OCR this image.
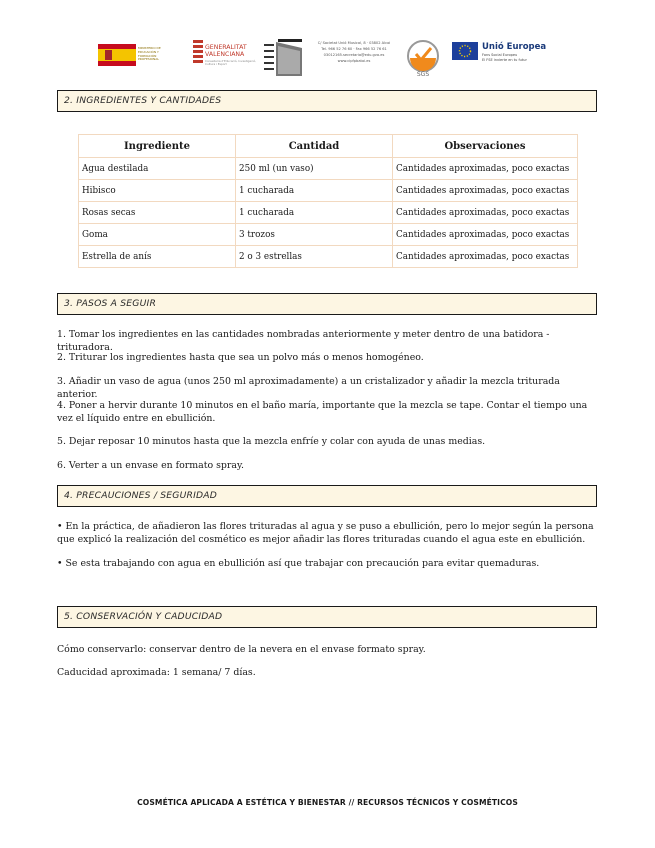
MINISTERIO DE EDUCACIÓN Y FORMACIÓN PROFESIONAL
GENERALITAT
VALENCIANA
Conselleria d'Educació, Investigació, Cultura i Esport
C/ Societat Unió Musical, 8 · 03802 Alcoi
Tel. 966 52 76 60 · Fax 966 52 76 61
03012165.secretaria@edu.gva.es
www.cipfpbatoi.es
SGS
Unió Europea
Fons Social Europeu
El FSE invierte en tu futur
2. INGREDIENTES Y CANTIDADES
Ingrediente	Cantidad	Observaciones
Agua destilada	250 ml (un vaso)	Cantidades aproximadas, poco exactas
Hibisco	1 cucharada	Cantidades aproximadas, poco exactas
Rosas secas	1 cucharada	Cantidades aproximadas, poco exactas
Goma	3 trozos	Cantidades aproximadas, poco exactas
Estrella de anís	2 o 3 estrellas	Cantidades aproximadas, poco exactas
3. PASOS A SEGUIR
1. Tomar los ingredientes en las cantidades nombradas anteriormente y meter dentro de una batidora - trituradora.
2. Triturar los ingredientes hasta que sea un polvo más o menos homogéneo.
3. Añadir un vaso de agua (unos 250 ml aproximadamente) a un cristalizador y añadir la mezcla triturada anterior.
4. Poner a hervir durante 10 minutos en el baño maría, importante que la mezcla se tape. Contar el tiempo una vez el líquido entre en ebullición.
5. Dejar reposar 10 minutos hasta que la mezcla enfríe y colar con ayuda de unas medias.
6. Verter a un envase en formato spray.
4. PRECAUCIONES / SEGURIDAD
• En la práctica, de añadieron las flores trituradas al agua y se puso a ebullición, pero lo mejor según la persona que explicó la realización del cosmético es mejor añadir las flores trituradas cuando el agua este en ebullición.
• Se esta trabajando con agua en ebullición así que trabajar con precaución para evitar quemaduras.
5. CONSERVACIÓN Y CADUCIDAD
Cómo conservarlo: conservar dentro de la nevera en el envase formato spray.
Caducidad aproximada: 1 semana/ 7 días.
COSMÉTICA APLICADA A ESTÉTICA Y BIENESTAR // RECURSOS TÉCNICOS Y COSMÉTICOS
